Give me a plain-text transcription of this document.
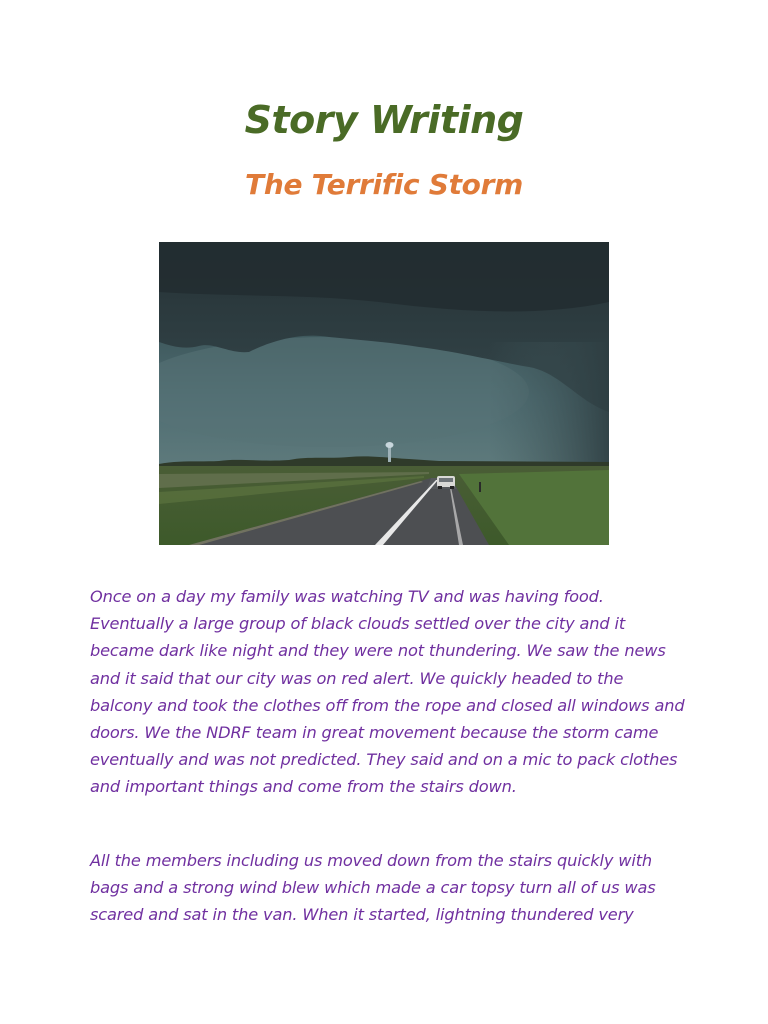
Story Writing
The Terrific Storm

Once on a day my family was watching TV and was having food. Eventually a large group of black clouds settled over the city and it became dark like night and they were not thundering. We saw the news and it said that our city was on red alert. We quickly headed to the balcony and took the clothes off from the rope and closed all windows and doors. We the NDRF team in great movement because the storm came eventually and was not predicted. They said and on a mic to pack clothes and important things and come from the stairs down.

All the members including us moved down from the stairs quickly with bags and a strong wind blew which made a car topsy turn all of us was scared and sat in the van. When it started, lightning thundered very
